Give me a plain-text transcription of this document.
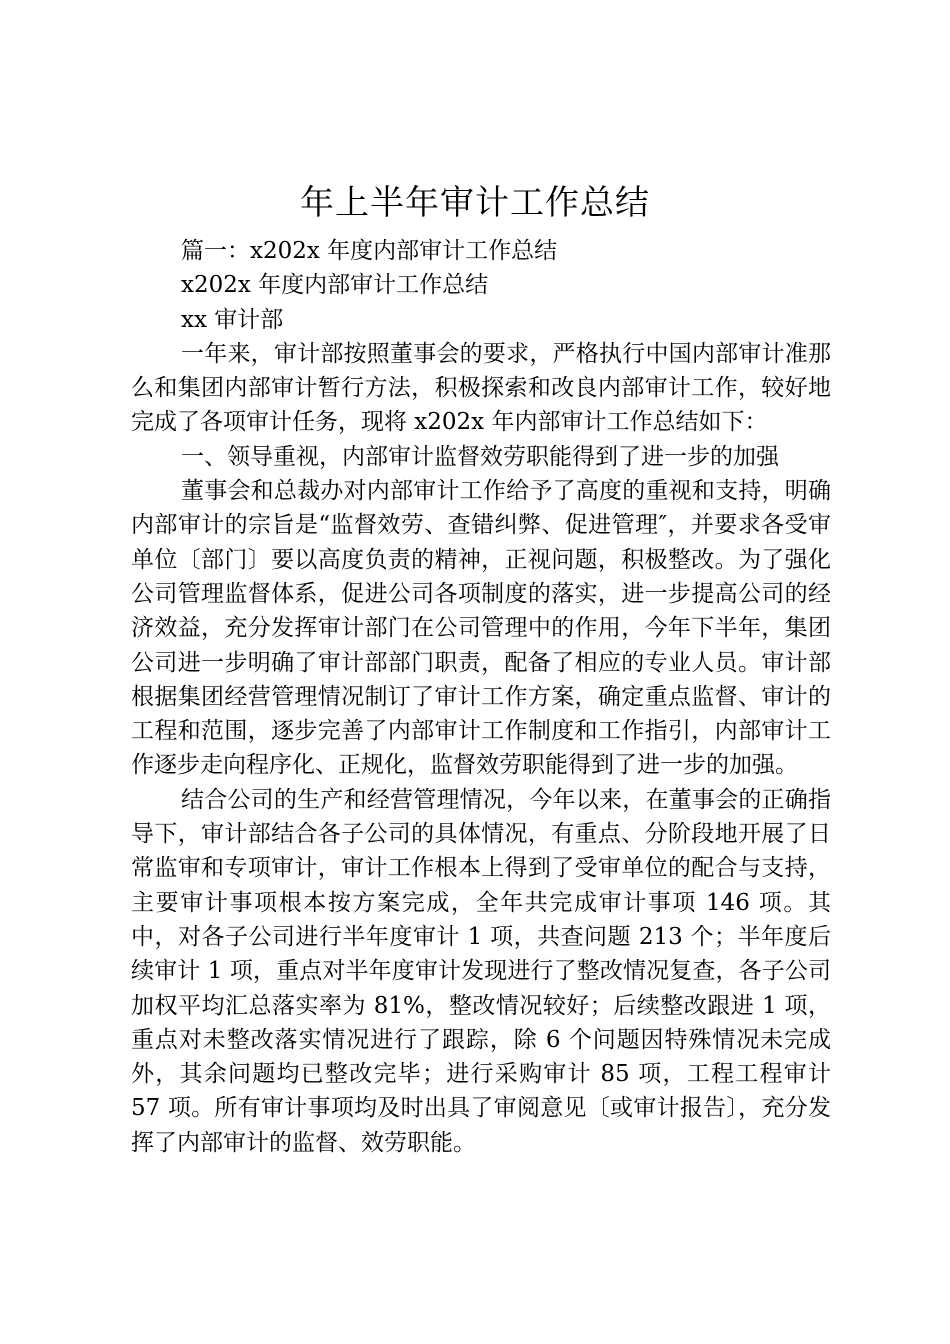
年上半年审计工作总结

篇一：x202x 年度内部审计工作总结

x202x 年度内部审计工作总结

xx 审计部

一年来，审计部按照董事会的要求，严格执行中国内部审计准那么和集团内部审计暂行方法，积极探索和改良内部审计工作，较好地完成了各项审计任务，现将 x202x 年内部审计工作总结如下：

一、领导重视，内部审计监督效劳职能得到了进一步的加强

董事会和总裁办对内部审计工作给予了高度的重视和支持，明确内部审计的宗旨是“监督效劳、查错纠弊、促进管理″，并要求各受审单位〔部门〕要以高度负责的精神，正视问题，积极整改。为了强化公司管理监督体系，促进公司各项制度的落实，进一步提高公司的经济效益，充分发挥审计部门在公司管理中的作用，今年下半年，集团公司进一步明确了审计部部门职责，配备了相应的专业人员。审计部根据集团经营管理情况制订了审计工作方案，确定重点监督、审计的工程和范围，逐步完善了内部审计工作制度和工作指引，内部审计工作逐步走向程序化、正规化，监督效劳职能得到了进一步的加强。

结合公司的生产和经营管理情况，今年以来，在董事会的正确指导下，审计部结合各子公司的具体情况，有重点、分阶段地开展了日常监审和专项审计，审计工作根本上得到了受审单位的配合与支持，主要审计事项根本按方案完成，全年共完成审计事项 146 项。其中，对各子公司进行半年度审计 1 项，共查问题 213 个；半年度后续审计 1 项，重点对半年度审计发现进行了整改情况复查，各子公司加权平均汇总落实率为 81%，整改情况较好；后续整改跟进 1 项，重点对未整改落实情况进行了跟踪，除 6 个问题因特殊情况未完成外，其余问题均已整改完毕；进行采购审计 85 项，工程工程审计 57 项。所有审计事项均及时出具了审阅意见〔或审计报告〕，充分发挥了内部审计的监督、效劳职能。
